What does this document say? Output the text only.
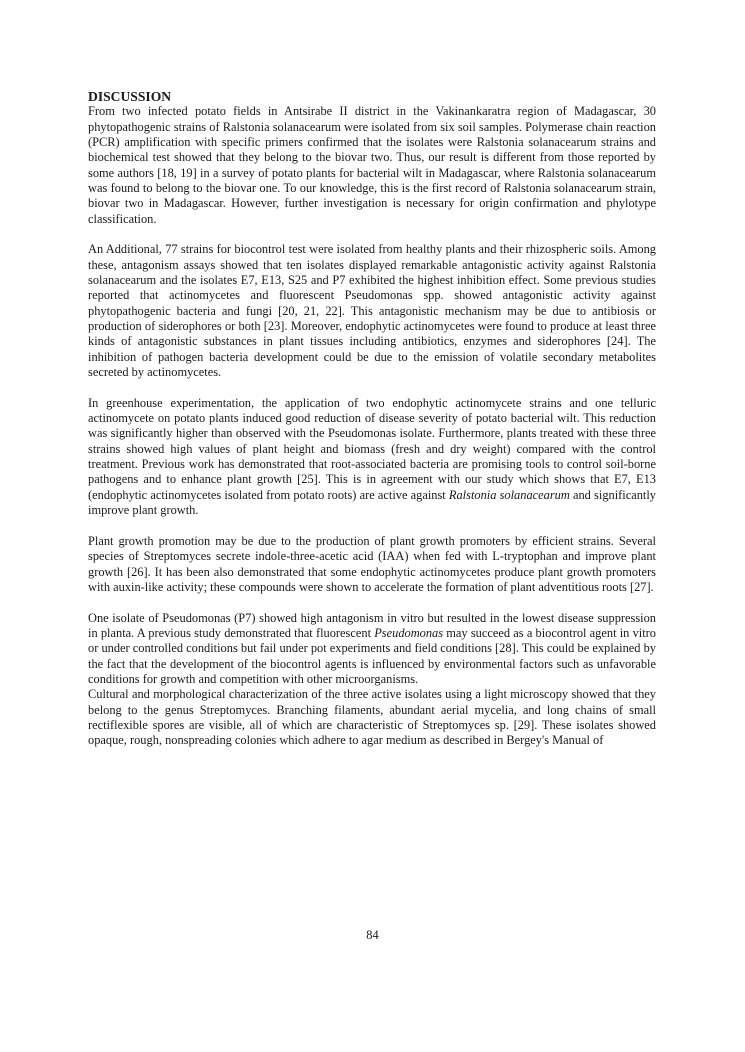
DISCUSSION

From two infected potato fields in Antsirabe II district in the Vakinankaratra region of Madagascar, 30 phytopathogenic strains of Ralstonia solanacearum were isolated from six soil samples. Polymerase chain reaction (PCR) amplification with specific primers confirmed that the isolates were Ralstonia solanacearum strains and biochemical test showed that they belong to the biovar two. Thus, our result is different from those reported by some authors [18, 19] in a survey of potato plants for bacterial wilt in Madagascar, where Ralstonia solanacearum was found to belong to the biovar one. To our knowledge, this is the first record of Ralstonia solanacearum strain, biovar two in Madagascar. However, further investigation is necessary for origin confirmation and phylotype classification.

An Additional, 77 strains for biocontrol test were isolated from healthy plants and their rhizospheric soils. Among these, antagonism assays showed that ten isolates displayed remarkable antagonistic activity against Ralstonia solanacearum and the isolates E7, E13, S25 and P7 exhibited the highest inhibition effect. Some previous studies reported that actinomycetes and fluorescent Pseudomonas spp. showed antagonistic activity against phytopathogenic bacteria and fungi [20, 21, 22]. This antagonistic mechanism may be due to antibiosis or production of siderophores or both [23]. Moreover, endophytic actinomycetes were found to produce at least three kinds of antagonistic substances in plant tissues including antibiotics, enzymes and siderophores [24]. The inhibition of pathogen bacteria development could be due to the emission of volatile secondary metabolites secreted by actinomycetes.

In greenhouse experimentation, the application of two endophytic actinomycete strains and one telluric actinomycete on potato plants induced good reduction of disease severity of potato bacterial wilt. This reduction was significantly higher than observed with the Pseudomonas isolate. Furthermore, plants treated with these three strains showed high values of plant height and biomass (fresh and dry weight) compared with the control treatment. Previous work has demonstrated that root-associated bacteria are promising tools to control soil-borne pathogens and to enhance plant growth [25]. This is in agreement with our study which shows that E7, E13 (endophytic actinomycetes isolated from potato roots) are active against Ralstonia solanacearum and significantly improve plant growth.

Plant growth promotion may be due to the production of plant growth promoters by efficient strains. Several species of Streptomyces secrete indole-three-acetic acid (IAA) when fed with L-tryptophan and improve plant growth [26]. It has been also demonstrated that some endophytic actinomycetes produce plant growth promoters with auxin-like activity; these compounds were shown to accelerate the formation of plant adventitious roots [27].

One isolate of Pseudomonas (P7) showed high antagonism in vitro but resulted in the lowest disease suppression in planta. A previous study demonstrated that fluorescent Pseudomonas may succeed as a biocontrol agent in vitro or under controlled conditions but fail under pot experiments and field conditions [28]. This could be explained by the fact that the development of the biocontrol agents is influenced by environmental factors such as unfavorable conditions for growth and competition with other microorganisms.

Cultural and morphological characterization of the three active isolates using a light microscopy showed that they belong to the genus Streptomyces. Branching filaments, abundant aerial mycelia, and long chains of small rectiflexible spores are visible, all of which are characteristic of Streptomyces sp. [29]. These isolates showed opaque, rough, nonspreading colonies which adhere to agar medium as described in Bergey's Manual of

84
